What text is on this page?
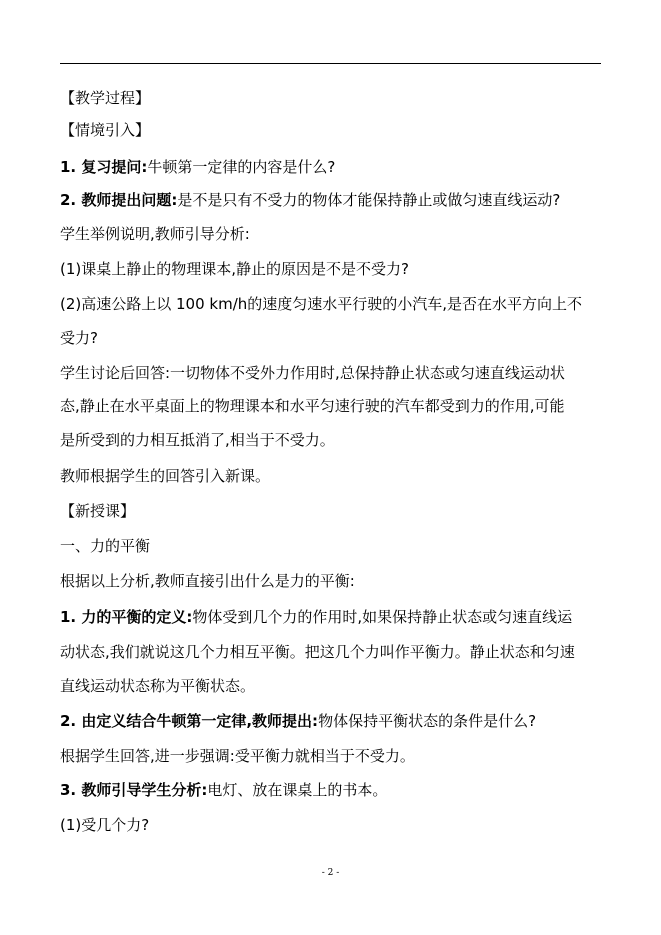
【教学过程】
【情境引入】
1. 复习提问:牛顿第一定律的内容是什么?
2. 教师提出问题:是不是只有不受力的物体才能保持静止或做匀速直线运动?
学生举例说明,教师引导分析:
(1)课桌上静止的物理课本,静止的原因是不是不受力?
(2)高速公路上以 100 km/h的速度匀速水平行驶的小汽车,是否在水平方向上不
受力?
学生讨论后回答:一切物体不受外力作用时,总保持静止状态或匀速直线运动状
态,静止在水平桌面上的物理课本和水平匀速行驶的汽车都受到力的作用,可能
是所受到的力相互抵消了,相当于不受力。
教师根据学生的回答引入新课。
【新授课】
一、力的平衡
根据以上分析,教师直接引出什么是力的平衡:
1. 力的平衡的定义:物体受到几个力的作用时,如果保持静止状态或匀速直线运
动状态,我们就说这几个力相互平衡。把这几个力叫作平衡力。静止状态和匀速
直线运动状态称为平衡状态。
2. 由定义结合牛顿第一定律,教师提出:物体保持平衡状态的条件是什么?
根据学生回答,进一步强调:受平衡力就相当于不受力。
3. 教师引导学生分析:电灯、放在课桌上的书本。
(1)受几个力?
- 2 -
